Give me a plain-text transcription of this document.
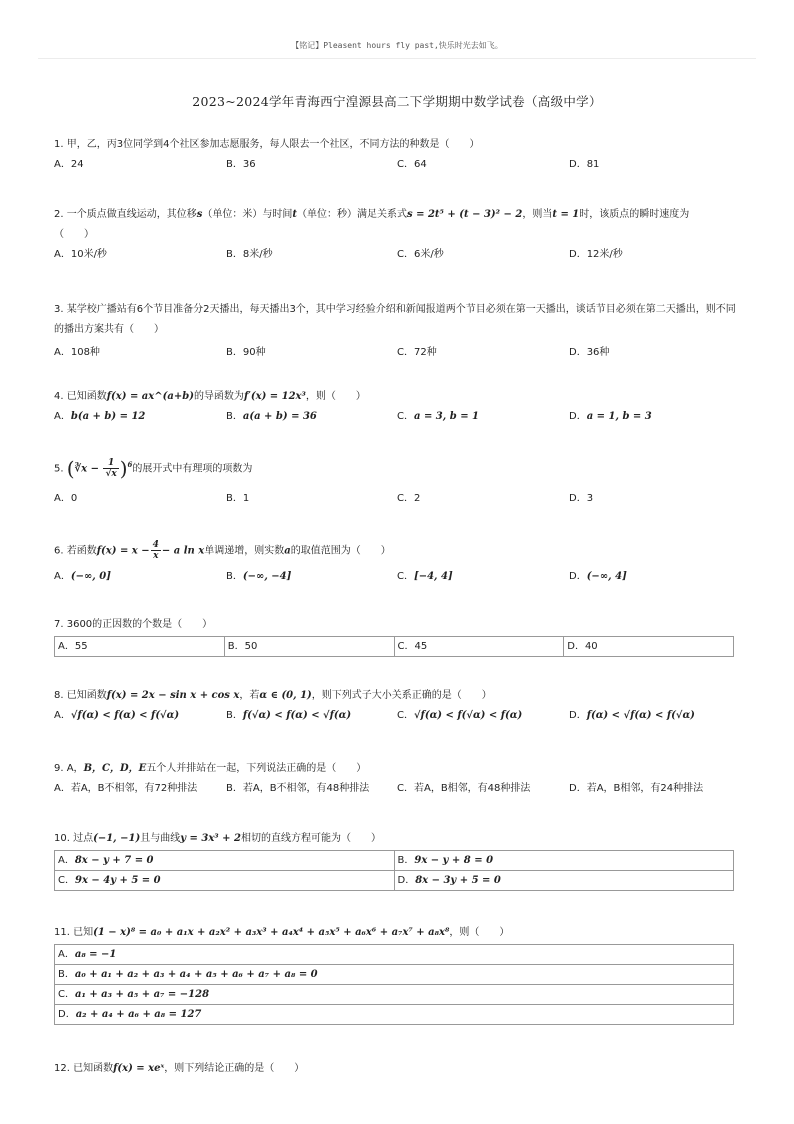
【铭记】Pleasent hours fly past,快乐时光去如飞。
2023~2024学年青海西宁湟源县高二下学期期中数学试卷（高级中学）
1. 甲，乙，丙3位同学到4个社区参加志愿服务，每人限去一个社区，不同方法的种数是（　　）
A．24	B．36	C．64	D．81
2. 一个质点做直线运动，其位移s（单位：米）与时间t（单位：秒）满足关系式s = 2t⁵ + (t − 3)² − 2，则当t = 1时，该质点的瞬时速度为
（　　）
A．10米/秒	B．8米/秒	C．6米/秒	D．12米/秒
3. 某学校广播站有6个节目准备分2天播出，每天播出3个，其中学习经验介绍和新闻报道两个节目必须在第一天播出，谈话节目必须在第二天播出，则不同的播出方案共有（　　）
A．108种	B．90种	C．72种	D．36种
4. 已知函数f(x) = ax^(a+b)的导函数为f′(x) = 12x³，则（　　）
A．b(a + b) = 12	B．a(a + b) = 36	C．a = 3, b = 1	D．a = 1, b = 3
5. (∛x − $\frac{1}{√x} )^6$的展开式中有理项的项数为
A．0	B．1	C．2	D．3
6. 若函数$f(x) = x - \frac{4}{x} - a$ ln x单调递增，则实数a的取值范围为（　　）
A．(−∞, 0]	B．(−∞, −4]	C．[−4, 4]	D．(−∞, 4]
7. 3600的正因数的个数是（　　）
A．55	B．50	C．45	D．40
8. 已知函数f(x) = 2x − sin x + cos x，若α ∈ (0, 1)，则下列式子大小关系正确的是（　　）
A．√f(α) < f(α) < f(√α)	B．f(√α) < f(α) < √f(α)	C．√f(α) < f(√α) < f(α)	D．f(α) < √f(α) < f(√α)
9. A，B，C，D，E五个人并排站在一起，下列说法正确的是（　　）
A．若A，B不相邻，有72种排法	B．若A，B不相邻，有48种排法	C．若A，B相邻，有48种排法	D．若A，B相邻，有24种排法
10. 过点(−1, −1)且与曲线y = 3x³ + 2相切的直线方程可能为（　　）
A．8x − y + 7 = 0	B．9x − y + 8 = 0
C．9x − 4y + 5 = 0	D．8x − 3y + 5 = 0
11. 已知(1 − x)⁸ = a₀ + a₁x + a₂x² + a₃x³ + a₄x⁴ + a₅x⁵ + a₆x⁶ + a₇x⁷ + a₈x⁸，则（　　）
A．a₈ = −1
B．a₀ + a₁ + a₂ + a₃ + a₄ + a₅ + a₆ + a₇ + a₈ = 0
C．a₁ + a₃ + a₅ + a₇ = −128
D．a₂ + a₄ + a₆ + a₈ = 127
12. 已知函数f(x) = xeˣ，则下列结论正确的是（　　）
